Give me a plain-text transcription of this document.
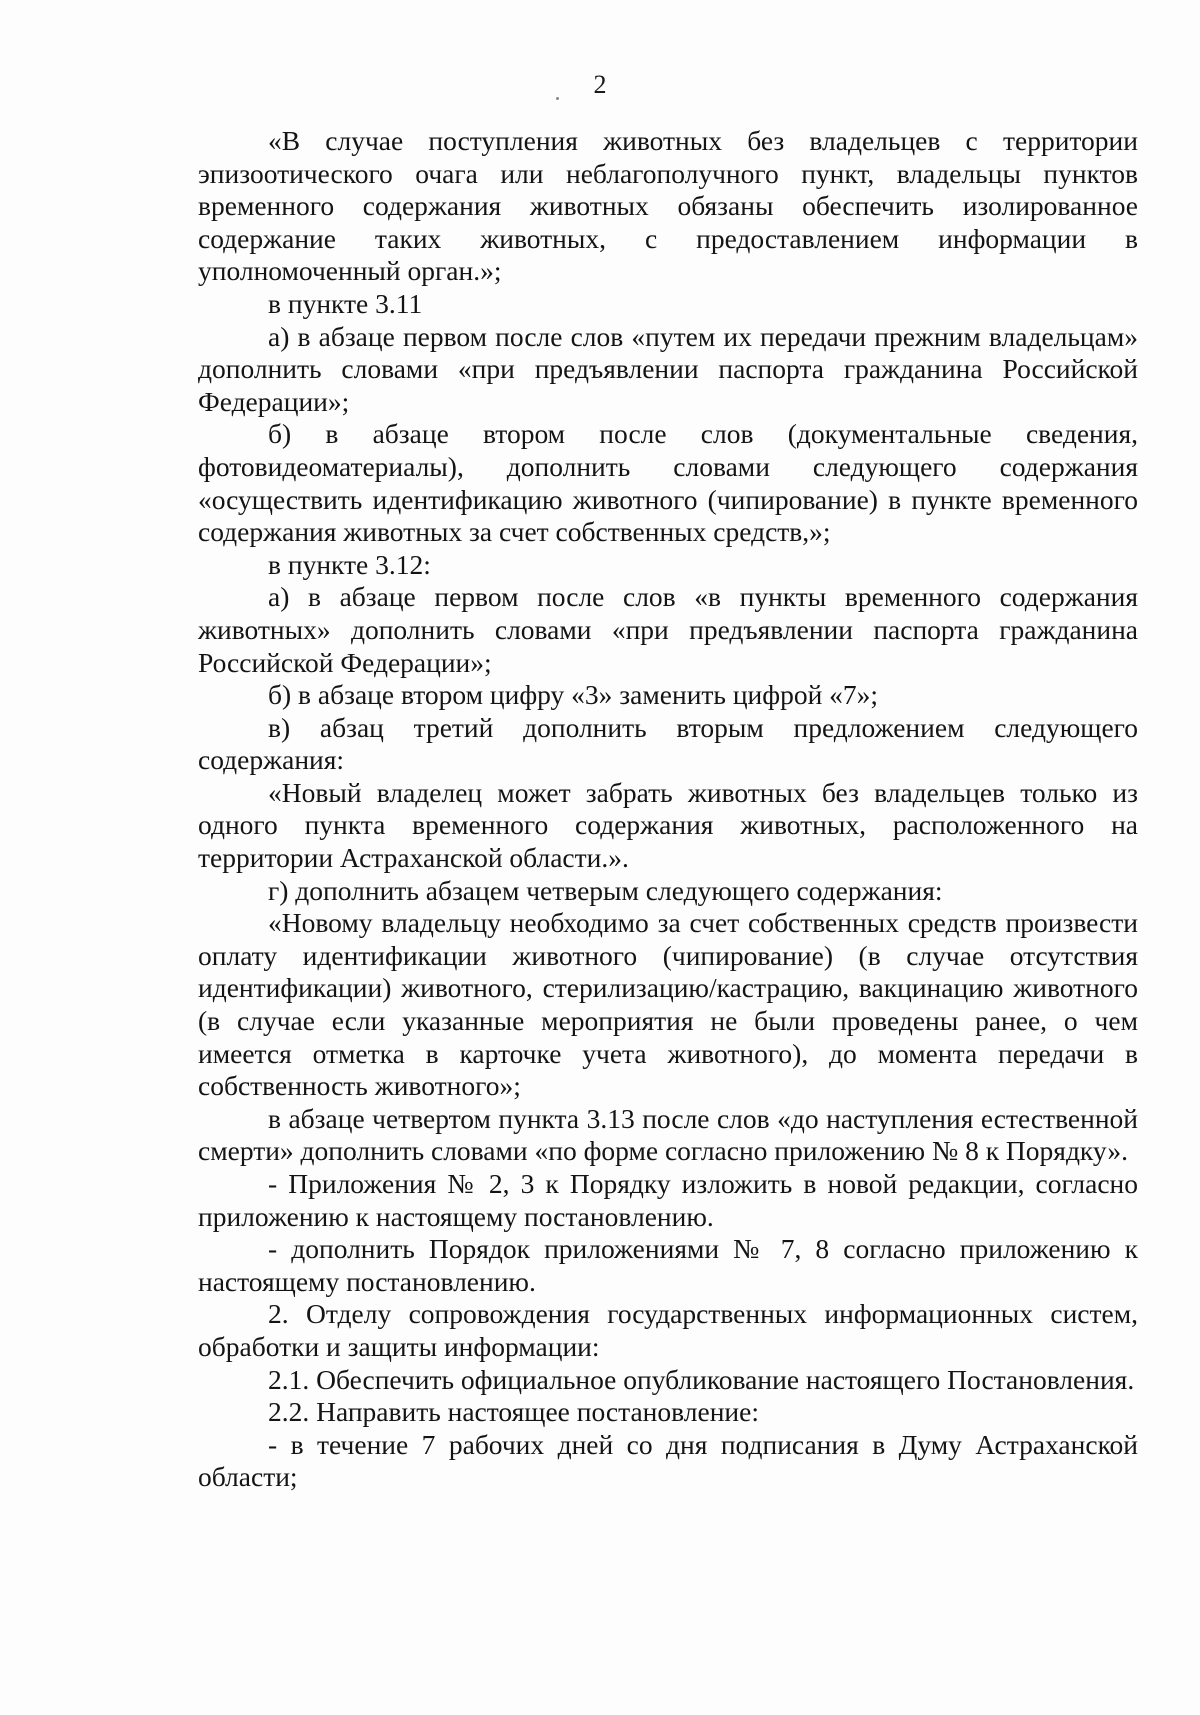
2

«В случае поступления животных без владельцев с территории эпизоотического очага или неблагополучного пункт, владельцы пунктов временного содержания животных обязаны обеспечить изолированное содержание таких животных, с предоставлением информации в уполномоченный орган.»;

в пункте 3.11

а) в абзаце первом после слов «путем их передачи прежним владельцам» дополнить словами «при предъявлении паспорта гражданина Российской Федерации»;

б) в абзаце втором после слов (документальные сведения, фотовидеоматериалы), дополнить словами следующего содержания «осуществить идентификацию животного (чипирование) в пункте временного содержания животных за счет собственных средств,»;

в пункте 3.12:

а) в абзаце первом после слов «в пункты временного содержания животных» дополнить словами «при предъявлении паспорта гражданина Российской Федерации»;

б) в абзаце втором цифру «3» заменить цифрой «7»;

в) абзац третий дополнить вторым предложением следующего содержания:

«Новый владелец может забрать животных без владельцев только из одного пункта временного содержания животных, расположенного на территории Астраханской области.».

г) дополнить абзацем четверым следующего содержания:

«Новому владельцу необходимо за счет собственных средств произвести оплату идентификации животного (чипирование) (в случае отсутствия идентификации) животного, стерилизацию/кастрацию, вакцинацию животного (в случае если указанные мероприятия не были проведены ранее, о чем имеется отметка в карточке учета животного), до момента передачи в собственность животного»;

в абзаце четвертом пункта 3.13 после слов «до наступления естественной смерти» дополнить словами «по форме согласно приложению № 8 к Порядку».

- Приложения № 2, 3 к Порядку изложить в новой редакции, согласно приложению к настоящему постановлению.

- дополнить Порядок приложениями № 7, 8 согласно приложению к настоящему постановлению.

2. Отделу сопровождения государственных информационных систем, обработки и защиты информации:

2.1. Обеспечить официальное опубликование настоящего Постановления.

2.2. Направить настоящее постановление:

- в течение 7 рабочих дней со дня подписания в Думу Астраханской области;
